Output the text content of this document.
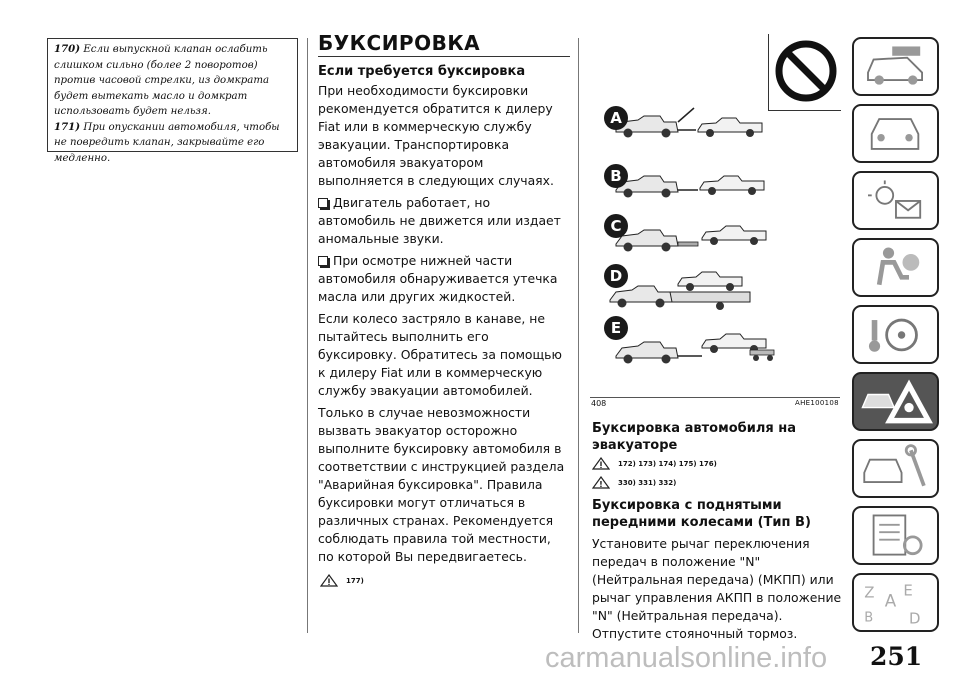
170) Если выпускной клапан ослабить слишком сильно (более 2 поворотов) против часовой стрелки, из домкрата будет вытекать масло и домкрат использовать будет нельзя.
171) При опускании автомобиля, чтобы не повредить клапан, закрывайте его медленно.
БУКСИРОВКА
Если требуется буксировка

При необходимости буксировки рекомендуется обратится к дилеру Fiat или в коммерческую службу эвакуации. Транспортировка автомобиля эвакуатором выполняется в следующих случаях.

Двигатель работает, но автомобиль не движется или издает аномальные звуки.

При осмотре нижней части автомобиля обнаруживается утечка масла или других жидкостей.

Если колесо застряло в канаве, не пытайтесь выполнить его буксировку. Обратитесь за помощью к дилеру Fiat или в коммерческую службу эвакуации автомобилей.

Только в случае невозможности вызвать эвакуатор осторожно выполните буксировку автомобиля в соответствии с инструкцией раздела "Аварийная буксировка". Правила буксировки могут отличаться в различных странах. Рекомендуется соблюдать правила той местности, по которой Вы передвигаетесь.

177)
A
B
C
D
E
408	AHE100108
Буксировка автомобиля на эвакуаторе
172) 173) 174) 175) 176)
! 330) 331) 332)
Буксировка с поднятыми передними колесами (Тип B)
Установите рычаг переключения передач в положение "N" (Нейтральная передача) (МКПП) или рычаг управления АКПП в положение "N" (Нейтральная передача). Отпустите стояночный тормоз.
Z E
A
B D
251
carmanualsonline.info
